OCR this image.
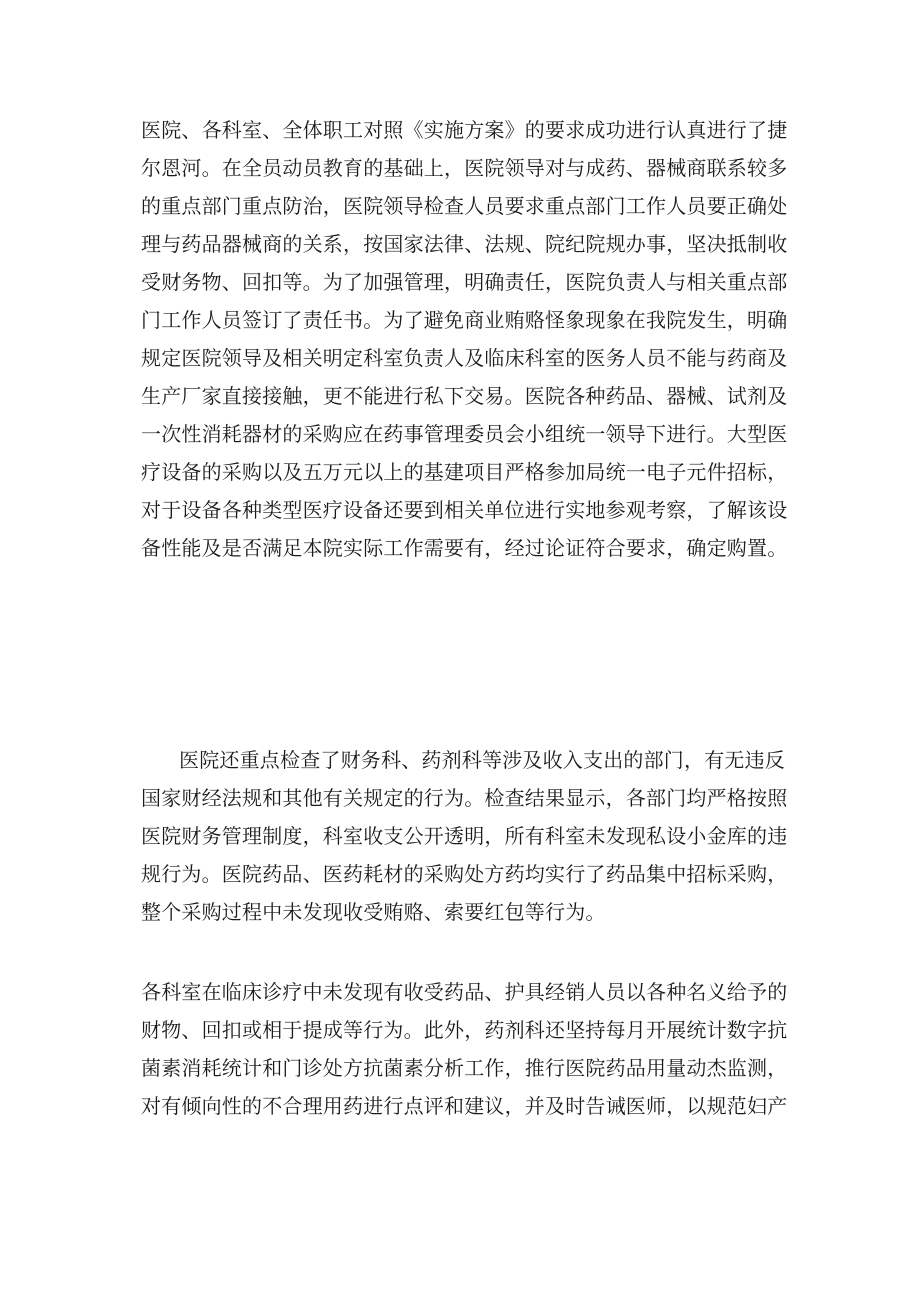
医院、各科室、全体职工对照《实施方案》的要求成功进行认真进行了捷
尔恩河。在全员动员教育的基础上，医院领导对与成药、器械商联系较多
的重点部门重点防治，医院领导检查人员要求重点部门工作人员要正确处
理与药品器械商的关系，按国家法律、法规、院纪院规办事，坚决抵制收
受财务物、回扣等。为了加强管理，明确责任，医院负责人与相关重点部
门工作人员签订了责任书。为了避免商业贿赂怪象现象在我院发生，明确
规定医院领导及相关明定科室负责人及临床科室的医务人员不能与药商及
生产厂家直接接触，更不能进行私下交易。医院各种药品、器械、试剂及
一次性消耗器材的采购应在药事管理委员会小组统一领导下进行。大型医
疗设备的采购以及五万元以上的基建项目严格参加局统一电子元件招标，
对于设备各种类型医疗设备还要到相关单位进行实地参观考察，了解该设
备性能及是否满足本院实际工作需要有，经过论证符合要求，确定购置。
医院还重点检查了财务科、药剂科等涉及收入支出的部门，有无违反
国家财经法规和其他有关规定的行为。检查结果显示，各部门均严格按照
医院财务管理制度，科室收支公开透明，所有科室未发现私设小金库的违
规行为。医院药品、医药耗材的采购处方药均实行了药品集中招标采购，
整个采购过程中未发现收受贿赂、索要红包等行为。
各科室在临床诊疗中未发现有收受药品、护具经销人员以各种名义给予的
财物、回扣或相于提成等行为。此外，药剂科还坚持每月开展统计数字抗
菌素消耗统计和门诊处方抗菌素分析工作，推行医院药品用量动杰监测，
对有倾向性的不合理用药进行点评和建议，并及时告诫医师，以规范妇产
